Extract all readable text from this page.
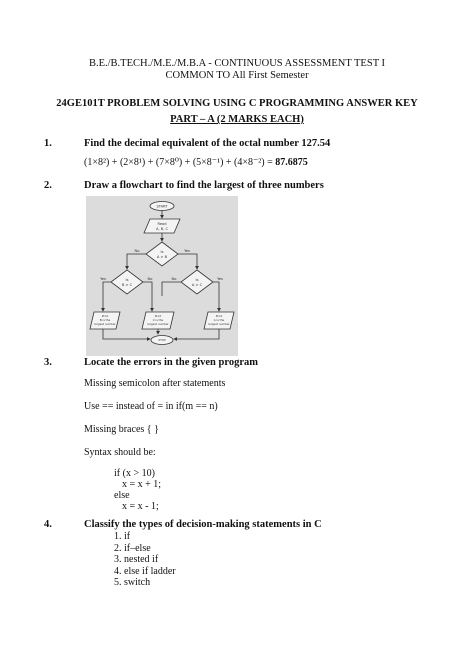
B.E./B.TECH./M.E./M.B.A - CONTINUOUS ASSESSMENT TEST I
COMMON TO All First Semester
24GE101T PROBLEM SOLVING USING C PROGRAMMING ANSWER KEY
PART – A (2 MARKS EACH)
1.	Find the decimal equivalent of the octal number 127.54
(1×8²) + (2×8¹) + (7×8⁰) + (5×8⁻¹) + (4×8⁻²) = 87.6875
2.	Draw a flowchart to find the largest of three numbers
START
Read
A, B, C
Is
A > B
Is
B > C
Is
A > C
No	Yes
Yes	No	No	Yes
Print
B is the
largest number
Print
C is the
largest number
Print
A is the
largest number
STOP
3.	Locate the errors in the given program
Missing semicolon after statements
Use == instead of = in if(m == n)
Missing braces { }
Syntax should be:
if (x > 10)
x = x + 1;
else
x = x - 1;
4.	Classify the types of decision-making statements in C
1. if
2. if–else
3. nested if
4. else if ladder
5. switch
